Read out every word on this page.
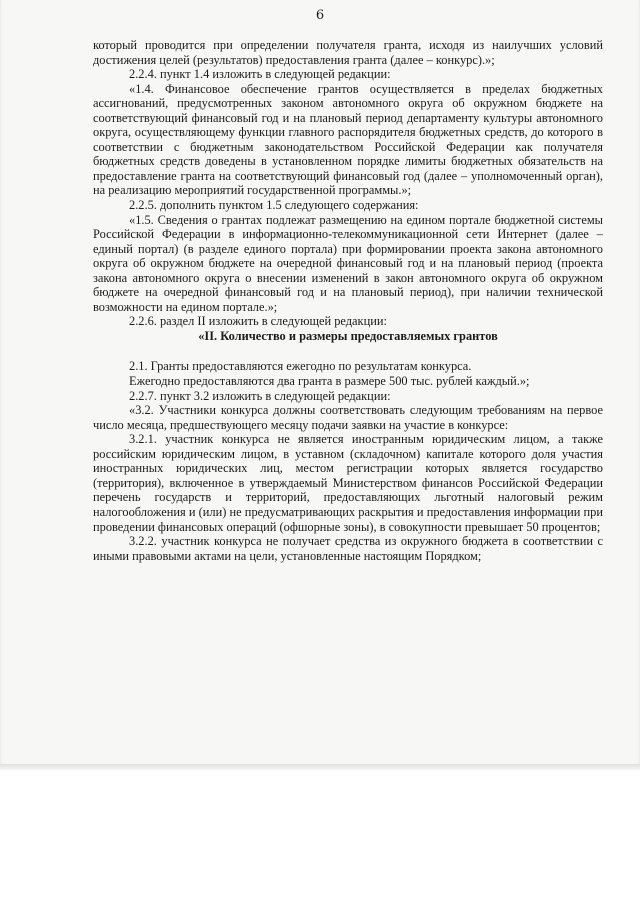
6

который проводится при определении получателя гранта, исходя из наилучших условий достижения целей (результатов) предоставления гранта (далее – конкурс).»;

2.2.4. пункт 1.4 изложить в следующей редакции:

«1.4. Финансовое обеспечение грантов осуществляется в пределах бюджетных ассигнований, предусмотренных законом автономного округа об окружном бюджете на соответствующий финансовый год и на плановый период департаменту культуры автономного округа, осуществляющему функции главного распорядителя бюджетных средств, до которого в соответствии с бюджетным законодательством Российской Федерации как получателя бюджетных средств доведены в установленном порядке лимиты бюджетных обязательств на предоставление гранта на соответствующий финансовый год (далее – уполномоченный орган), на реализацию мероприятий государственной программы.»;

2.2.5. дополнить пунктом 1.5 следующего содержания:

«1.5. Сведения о грантах подлежат размещению на едином портале бюджетной системы Российской Федерации в информационно-телекоммуникационной сети Интернет (далее – единый портал) (в разделе единого портала) при формировании проекта закона автономного округа об окружном бюджете на очередной финансовый год и на плановый период (проекта закона автономного округа о внесении изменений в закон автономного округа об окружном бюджете на очередной финансовый год и на плановый период), при наличии технической возможности на едином портале.»;

2.2.6. раздел II изложить в следующей редакции:

«II. Количество и размеры предоставляемых грантов

2.1. Гранты предоставляются ежегодно по результатам конкурса.

Ежегодно предоставляются два гранта в размере 500 тыс. рублей каждый.»;

2.2.7. пункт 3.2 изложить в следующей редакции:

«3.2. Участники конкурса должны соответствовать следующим требованиям на первое число месяца, предшествующего месяцу подачи заявки на участие в конкурсе:

3.2.1. участник конкурса не является иностранным юридическим лицом, а также российским юридическим лицом, в уставном (складочном) капитале которого доля участия иностранных юридических лиц, местом регистрации которых является государство (территория), включенное в утверждаемый Министерством финансов Российской Федерации перечень государств и территорий, предоставляющих льготный налоговый режим налогообложения и (или) не предусматривающих раскрытия и предоставления информации при проведении финансовых операций (офшорные зоны), в совокупности превышает 50 процентов;

3.2.2. участник конкурса не получает средства из окружного бюджета в соответствии с иными правовыми актами на цели, установленные настоящим Порядком;
